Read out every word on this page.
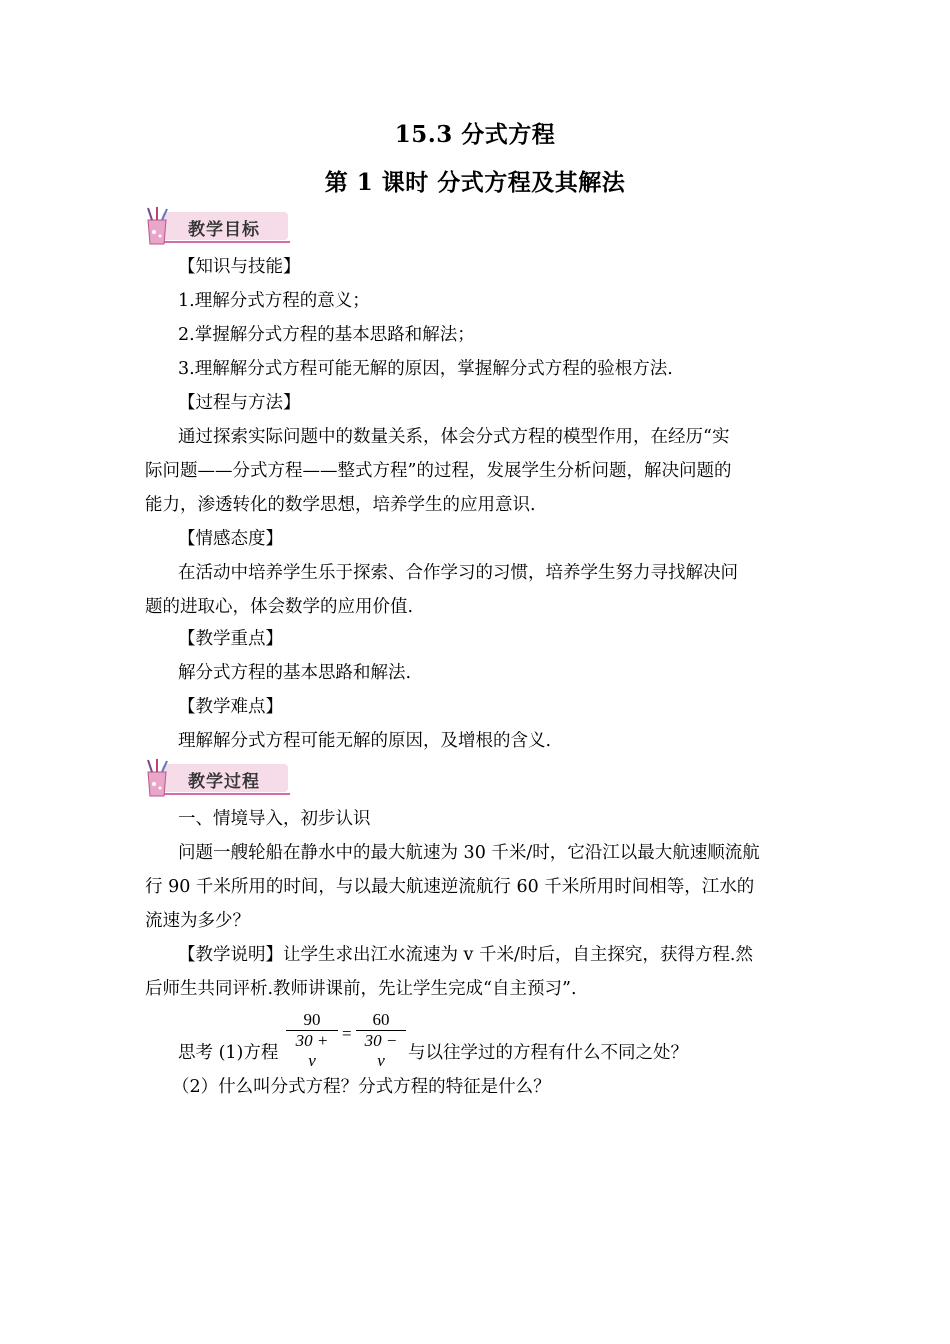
15.3 分式方程
第 1 课时 分式方程及其解法
教学目标
【知识与技能】
1.理解分式方程的意义；
2.掌握解分式方程的基本思路和解法；
3.理解解分式方程可能无解的原因，掌握解分式方程的验根方法.
【过程与方法】
通过探索实际问题中的数量关系，体会分式方程的模型作用，在经历“实
际问题——分式方程——整式方程”的过程，发展学生分析问题，解决问题的
能力，渗透转化的数学思想，培养学生的应用意识.
【情感态度】
在活动中培养学生乐于探索、合作学习的习惯，培养学生努力寻找解决问
题的进取心，体会数学的应用价值.
【教学重点】
解分式方程的基本思路和解法.
【教学难点】
理解解分式方程可能无解的原因，及增根的含义.
教学过程
一、情境导入，初步认识
问题一艘轮船在静水中的最大航速为 30 千米/时，它沿江以最大航速顺流航
行 90 千米所用的时间，与以最大航速逆流航行 60 千米所用时间相等，江水的
流速为多少？
【教学说明】让学生求出江水流速为 v 千米/时后，自主探究，获得方程.然
后师生共同评析.教师讲课前，先让学生完成“自主预习”.
思考 (1)方程
90
30 + v
=
60
30 − v	与以往学过的方程有什么不同之处？
（2）什么叫分式方程？分式方程的特征是什么？
